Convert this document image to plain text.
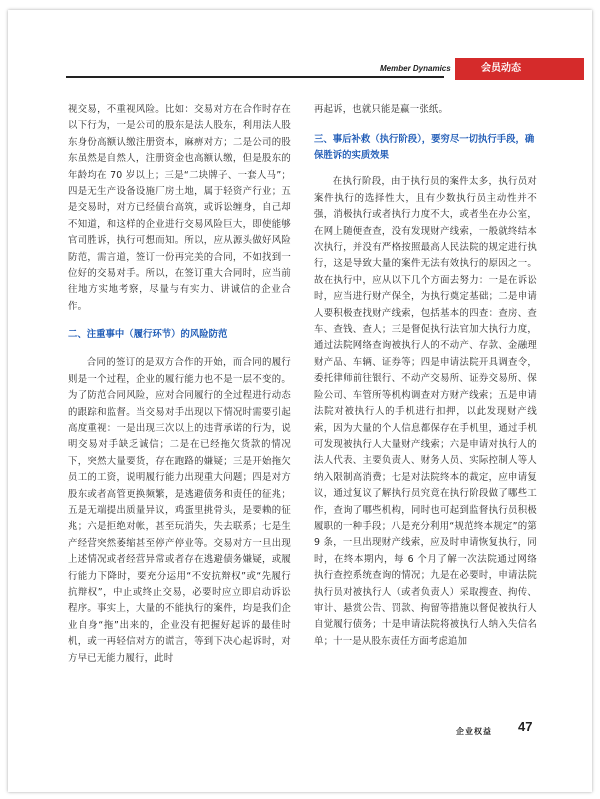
Member Dynamics	会员动态

视交易，不重视风险。比如：交易对方在合作时存在以下行为，一是公司的股东是法人股东，利用法人股东身份高额认缴注册资本，麻痹对方；二是公司的股东虽然是自然人，注册资金也高额认缴，但是股东的年龄均在 70 岁以上；三是“二块牌子、一套人马”；四是无生产设备设施厂房土地，属于轻资产行业；五是交易时，对方已经债台高筑，或诉讼缠身，自己却不知道，和这样的企业进行交易风险巨大，即使能够官司胜诉，执行可想而知。所以，应从源头做好风险防范，需言道，签订一份再完美的合同，不如找到一位好的交易对手。所以，在签订重大合同时，应当前往地方实地考察，尽量与有实力、讲诚信的企业合作。

二、注重事中（履行环节）的风险防范

合同的签订的是双方合作的开始，而合同的履行则是一个过程，企业的履行能力也不是一层不变的。为了防范合同风险，应对合同履行的全过程进行动态的跟踪和监督。当交易对手出现以下情况时需要引起高度重视：一是出现三次以上的违背承诺的行为，说明交易对手缺乏诚信；二是在已经拖欠货款的情况下，突然大量要货，存在跑路的嫌疑；三是开始拖欠员工的工资，说明履行能力出现重大问题；四是对方股东或者高管更换频繁，是逃避债务和责任的征兆；五是无端提出质量异议，鸡蛋里挑骨头，是要赖的征兆；六是拒绝对帐，甚至玩消失，失去联系；七是生产经营突然萎缩甚至停产停业等。交易对方一旦出现上述情况或者经营异常或者存在逃避债务嫌疑，或履行能力下降时，要充分运用“不安抗辩权”或“先履行抗辩权”，中止或终止交易，必要时应立即启动诉讼程序。事实上，大量的不能执行的案件，均是我们企业自身“拖”出来的，企业没有把握好起诉的最佳时机，或一再轻信对方的谎言，等到下决心起诉时，对方早已无能力履行，此时

再起诉，也就只能是赢一张纸。

三、事后补救（执行阶段），要穷尽一切执行手段，确保胜诉的实质效果

在执行阶段，由于执行员的案件太多，执行员对案件执行的选择性大，且有少数执行员主动性并不强，消极执行或者执行力度不大，或者坐在办公室，在网上随便查查，没有发现财产线索，一般就终结本次执行，并没有严格按照最高人民法院的规定进行执行，这是导致大量的案件无法有效执行的原因之一。故在执行中，应从以下几个方面去努力：一是在诉讼时，应当进行财产保全，为执行奠定基础；二是申请人要积极查找财产线索，包括基本的四查：查房、查车、查钱、查人；三是督促执行法官加大执行力度，通过法院网络查询被执行人的不动产、存款、金融理财产品、车辆、证券等；四是申请法院开具调查令，委托律师前往银行、不动产交易所、证券交易所、保险公司、车管所等机构调查对方财产线索；五是申请法院对被执行人的手机进行扣押，以此发现财产线索，因为大量的个人信息都保存在手机里，通过手机可发现被执行人大量财产线索；六是申请对执行人的法人代表、主要负责人、财务人员、实际控制人等人纳入限制高消费；七是对法院终本的裁定，应申请复议，通过复议了解执行员究竟在执行阶段做了哪些工作，查询了哪些机构，同时也可起到监督执行员积极履职的一种手段；八是充分利用“规范终本规定”的第 9 条，一旦出现财产线索，应及时申请恢复执行，同时，在终本期内，每 6 个月了解一次法院通过网络执行查控系统查询的情况；九是在必要时，申请法院执行员对被执行人（或者负责人）采取搜查、拘传、审计、悬赏公告、罚款、拘留等措施以督促被执行人自觉履行债务；十是申请法院将被执行人纳入失信名单；十一是从股东责任方面考虑追加

企业权益	47
